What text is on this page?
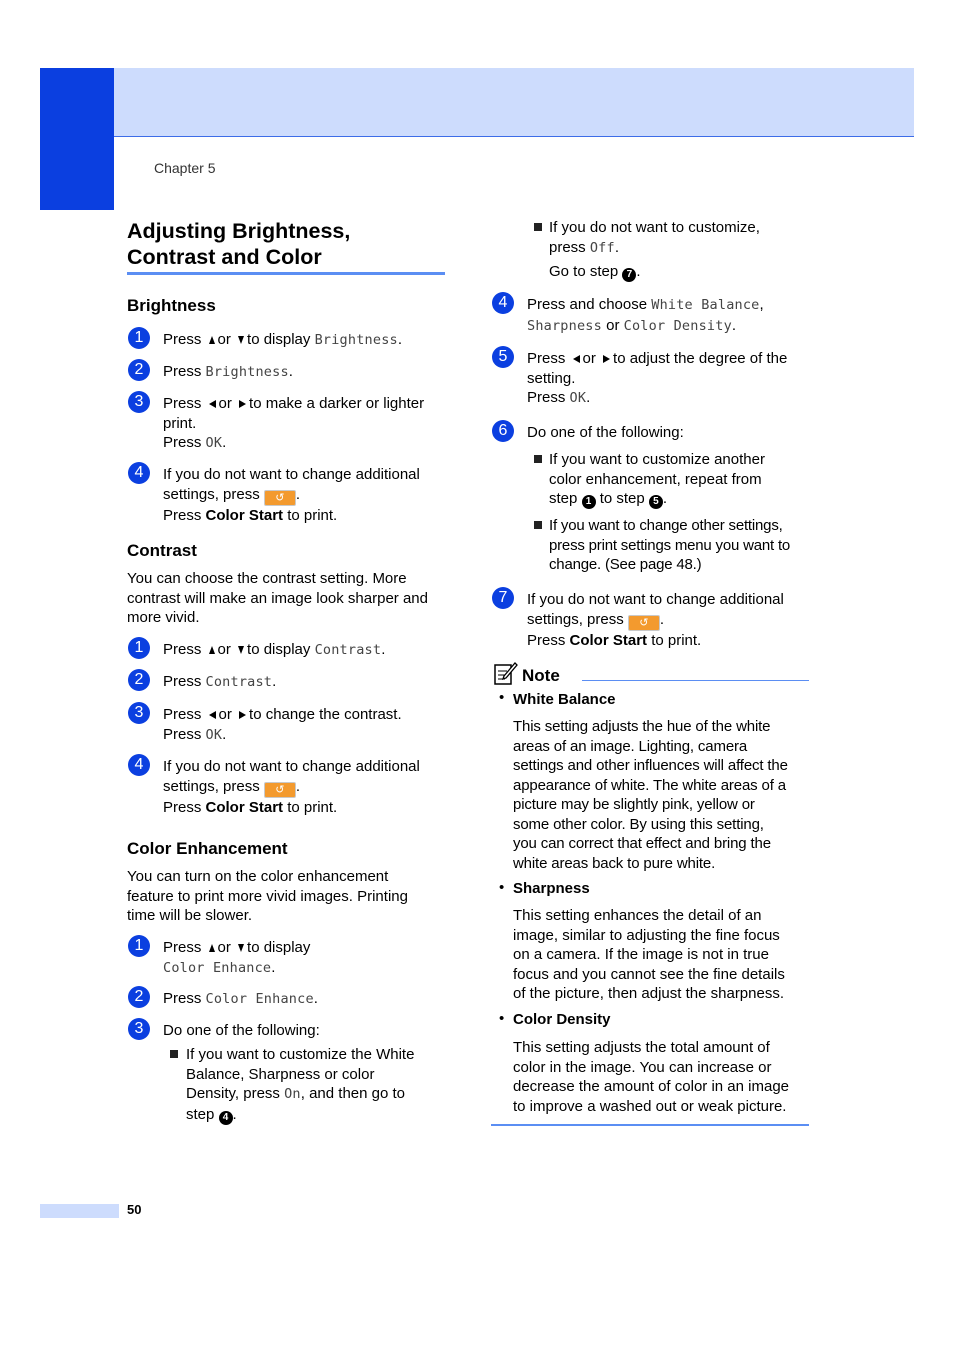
Chapter 5
Adjusting Brightness,
Contrast and Color
Brightness
1	Press or to display Brightness.
2	Press Brightness.
3	Press or to make a darker or lighter
print.
Press OK.
4	If you do not want to change additional
settings, press ↺ .
Press Color Start to print.
Contrast
You can choose the contrast setting. More
contrast will make an image look sharper and
more vivid.
1	Press or to display Contrast.
2	Press Contrast.
3	Press or to change the contrast.
Press OK.
4	If you do not want to change additional
settings, press ↺ .
Press Color Start to print.
Color Enhancement
You can turn on the color enhancement
feature to print more vivid images. Printing
time will be slower.
1	Press or to display
Color Enhance.
2	Press Color Enhance.
3	Do one of the following:
If you want to customize the White
Balance, Sharpness or color
Density, press On, and then go to
step 4 .
If you do not want to customize,
press Off.
Go to step 7 .
4	Press and choose White Balance,
Sharpness or Color Density.
5	Press or to adjust the degree of the
setting.
Press OK.
6	Do one of the following:
If you want to customize another
color enhancement, repeat from
step 1 to step 5 .
If you want to change other settings,
press print settings menu you want to
change. (See page 48.)
7	If you do not want to change additional
settings, press ↺ .
Press Color Start to print.
Note
• White Balance
This setting adjusts the hue of the white
areas of an image. Lighting, camera
settings and other influences will affect the
appearance of white. The white areas of a
picture may be slightly pink, yellow or
some other color. By using this setting,
you can correct that effect and bring the
white areas back to pure white.
• Sharpness
This setting enhances the detail of an
image, similar to adjusting the fine focus
on a camera. If the image is not in true
focus and you cannot see the fine details
of the picture, then adjust the sharpness.
• Color Density
This setting adjusts the total amount of
color in the image. You can increase or
decrease the amount of color in an image
to improve a washed out or weak picture.
50
